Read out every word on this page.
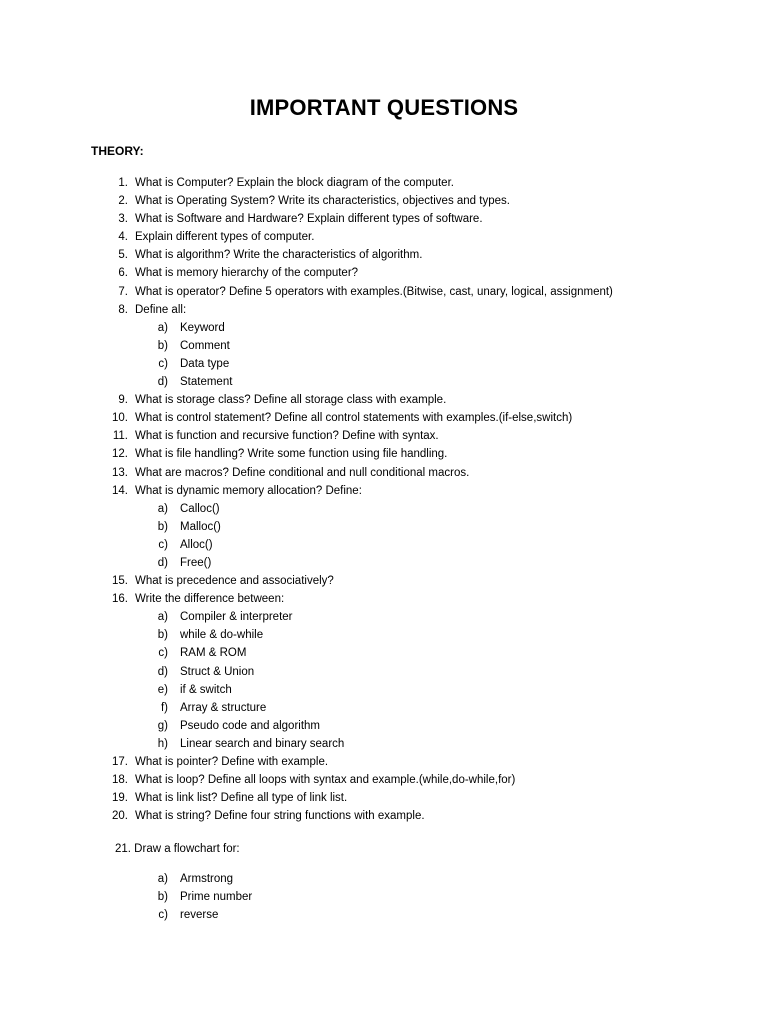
IMPORTANT QUESTIONS

THEORY:

1. What is Computer? Explain the block diagram of the computer.
2. What is Operating System? Write its characteristics, objectives and types.
3. What is Software and Hardware? Explain different types of software.
4. Explain different types of computer.
5. What is algorithm? Write the characteristics of algorithm.
6. What is memory hierarchy of the computer?
7. What is operator? Define 5 operators with examples.(Bitwise, cast, unary, logical, assignment)
8. Define all:
a) Keyword
b) Comment
c) Data type
d) Statement
9. What is storage class? Define all storage class with example.
10. What is control statement? Define all control statements with examples.(if-else,switch)
11. What is function and recursive function? Define with syntax.
12. What is file handling? Write some function using file handling.
13. What are macros? Define conditional and null conditional macros.
14. What is dynamic memory allocation? Define:
a) Calloc()
b) Malloc()
c) Alloc()
d) Free()
15. What is precedence and associatively?
16. Write the difference between:
a) Compiler & interpreter
b) while & do-while
c) RAM & ROM
d) Struct & Union
e) if & switch
f) Array & structure
g) Pseudo code and algorithm
h) Linear search and binary search
17. What is pointer? Define with example.
18. What is loop? Define all loops with syntax and example.(while,do-while,for)
19. What is link list? Define all type of link list.
20. What is string? Define four string functions with example.

21. Draw a flowchart for:

a) Armstrong
b) Prime number
c) reverse
